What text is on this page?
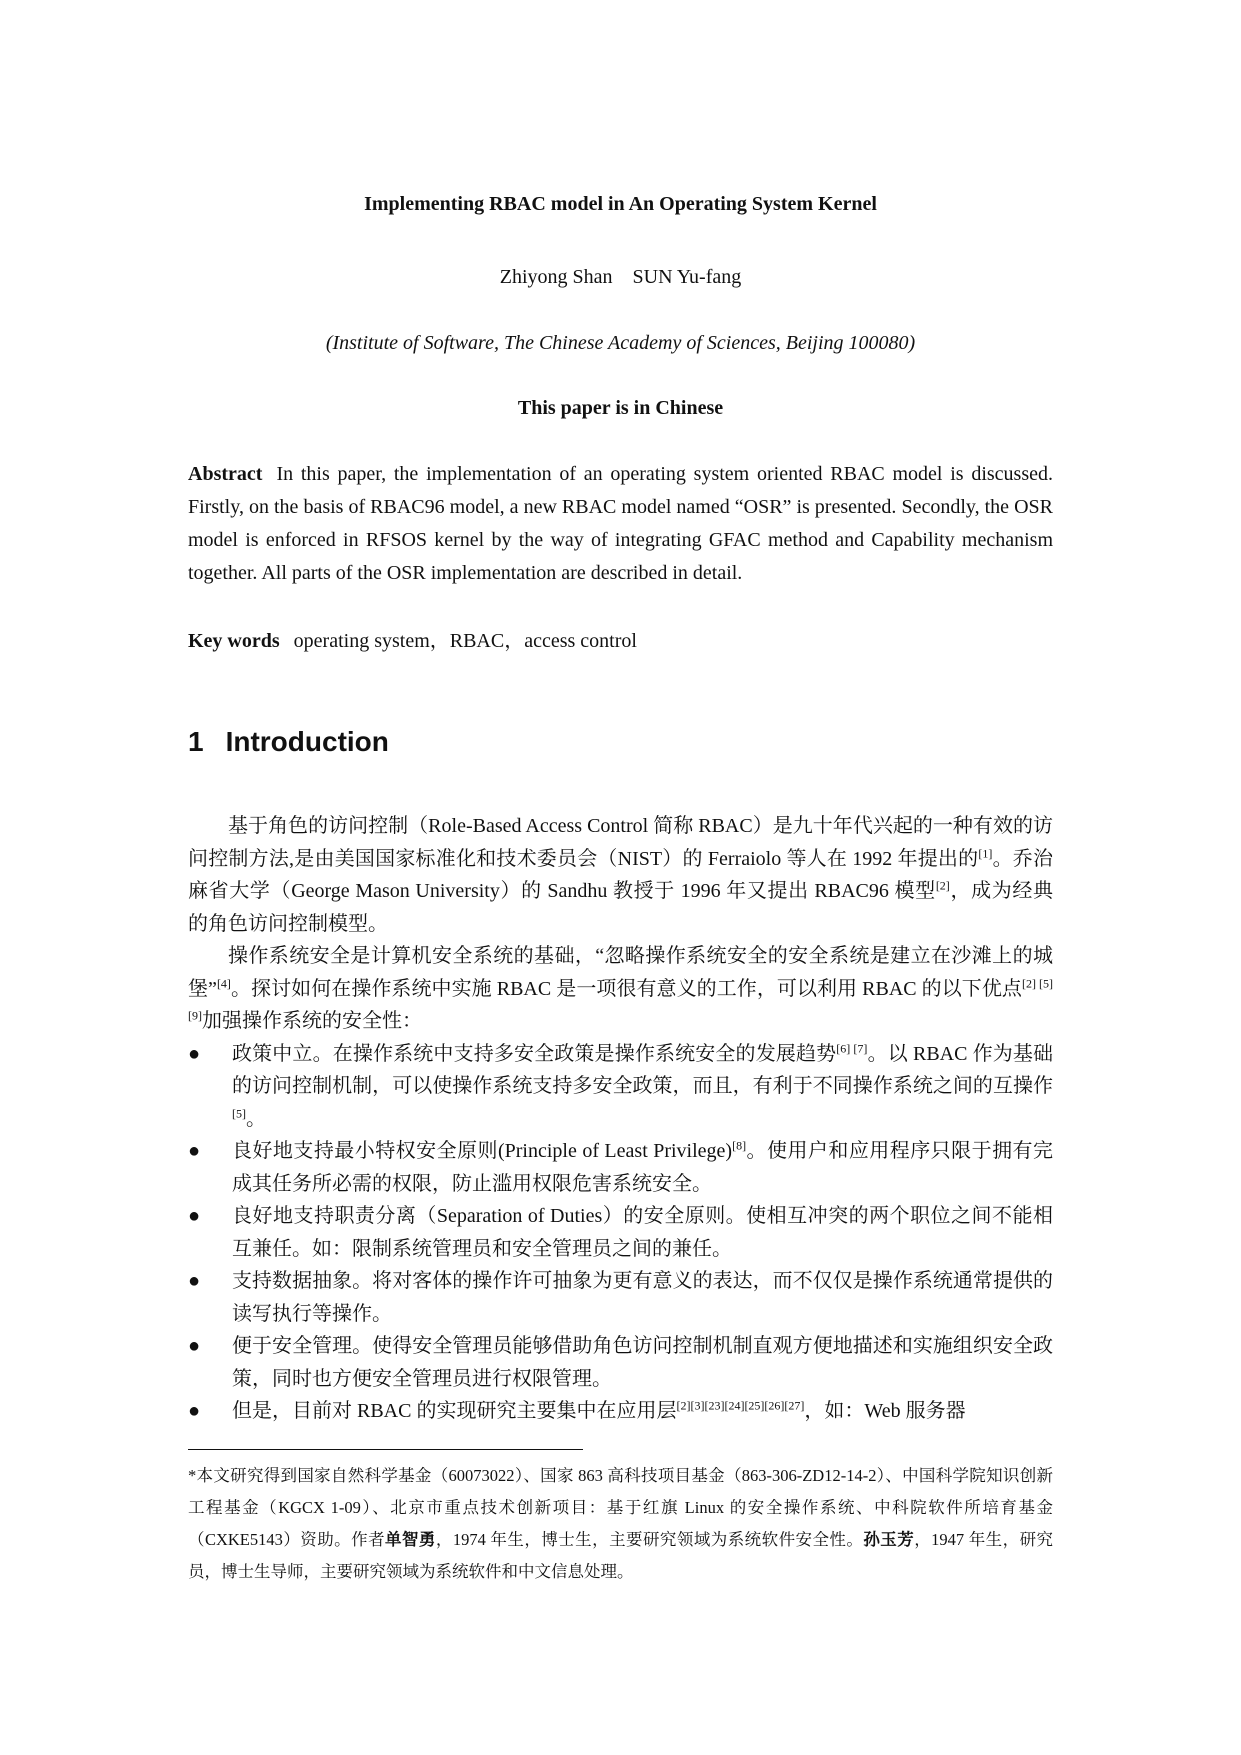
Implementing RBAC model in An Operating System Kernel
Zhiyong Shan    SUN Yu-fang
(Institute of Software, The Chinese Academy of Sciences, Beijing 100080)
This paper is in Chinese
Abstract In this paper, the implementation of an operating system oriented RBAC model is discussed. Firstly, on the basis of RBAC96 model, a new RBAC model named “OSR” is presented. Secondly, the OSR model is enforced in RFSOS kernel by the way of integrating GFAC method and Capability mechanism together. All parts of the OSR implementation are described in detail.
Key words operating system，RBAC，access control
1 Introduction

基于角色的访问控制（Role-Based Access Control 简称 RBAC）是九十年代兴起的一种有效的访问控制方法,是由美国国家标准化和技术委员会（NIST）的 Ferraiolo 等人在 1992 年提出的[1]。乔治麻省大学（George Mason University）的 Sandhu 教授于 1996 年又提出 RBAC96 模型[2]，成为经典的角色访问控制模型。

操作系统安全是计算机安全系统的基础，“忽略操作系统安全的安全系统是建立在沙滩上的城堡”[4]。探讨如何在操作系统中实施 RBAC 是一项很有意义的工作，可以利用 RBAC 的以下优点[2] [5] [9]加强操作系统的安全性：

● 政策中立。在操作系统中支持多安全政策是操作系统安全的发展趋势[6] [7]。以 RBAC 作为基础的访问控制机制，可以使操作系统支持多安全政策，而且，有利于不同操作系统之间的互操作[5]。
● 良好地支持最小特权安全原则(Principle of Least Privilege)[8]。使用户和应用程序只限于拥有完成其任务所必需的权限，防止滥用权限危害系统安全。
● 良好地支持职责分离（Separation of Duties）的安全原则。使相互冲突的两个职位之间不能相互兼任。如：限制系统管理员和安全管理员之间的兼任。
● 支持数据抽象。将对客体的操作许可抽象为更有意义的表达，而不仅仅是操作系统通常提供的读写执行等操作。
● 便于安全管理。使得安全管理员能够借助角色访问控制机制直观方便地描述和实施组织安全政策，同时也方便安全管理员进行权限管理。
● 但是，目前对 RBAC 的实现研究主要集中在应用层[2][3][23][24][25][26][27]，如：Web 服务器
*本文研究得到国家自然科学基金（60073022）、国家 863 高科技项目基金（863-306-ZD12-14-2）、中国科学院知识创新工程基金（KGCX 1-09）、北京市重点技术创新项目：基于红旗 Linux 的安全操作系统、中科院软件所培育基金（CXKE5143）资助。作者单智勇，1974 年生，博士生，主要研究领域为系统软件安全性。孙玉芳，1947 年生，研究员，博士生导师，主要研究领域为系统软件和中文信息处理。
